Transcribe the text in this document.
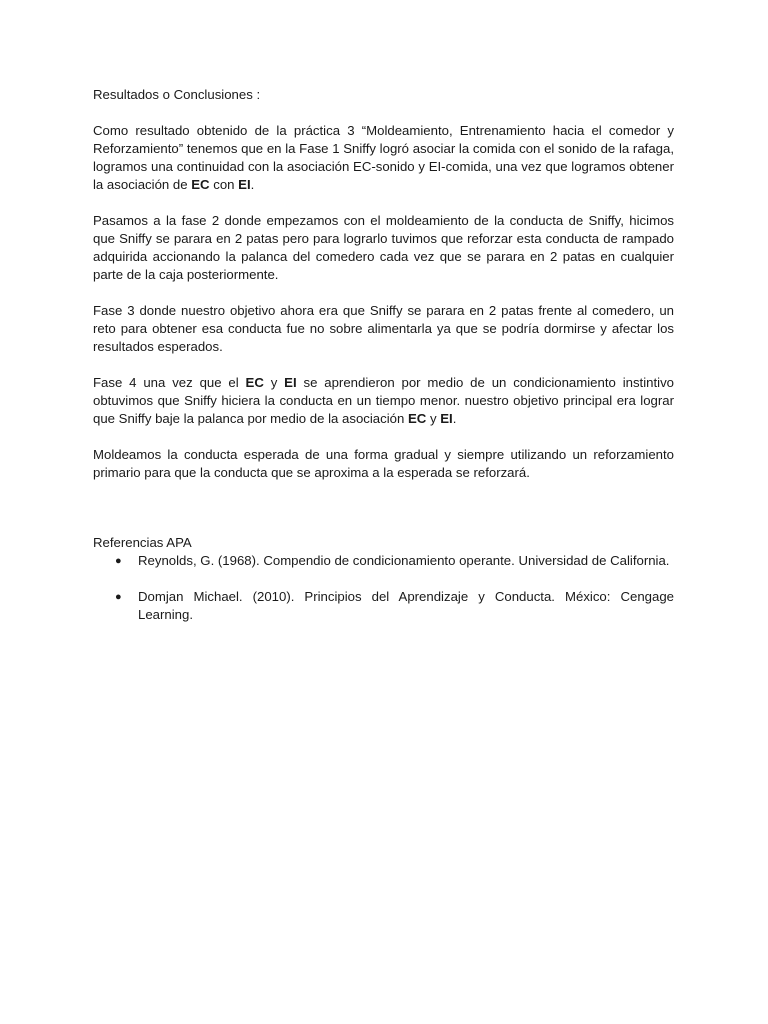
Resultados o Conclusiones :

Como resultado obtenido de la práctica 3 “Moldeamiento, Entrenamiento hacia el comedor y Reforzamiento” tenemos que en la Fase 1 Sniffy logró asociar la comida con el sonido de la rafaga, logramos una continuidad con la asociación EC-sonido y EI-comida, una vez que logramos obtener la asociación de EC con EI.

Pasamos a la fase 2 donde empezamos con el moldeamiento de la conducta de Sniffy, hicimos que Sniffy se parara en 2 patas pero para lograrlo tuvimos que reforzar esta conducta de rampado adquirida accionando la palanca del comedero cada vez que se parara en 2 patas en cualquier parte de la caja posteriormente.

Fase 3 donde nuestro objetivo ahora era que Sniffy se parara en 2 patas frente al comedero, un reto para obtener esa conducta fue no sobre alimentarla ya que se podría dormirse y afectar los resultados esperados.

Fase 4 una vez que el EC y EI se aprendieron por medio de un condicionamiento instintivo obtuvimos que Sniffy hiciera la conducta en un tiempo menor. nuestro objetivo principal era lograr que Sniffy baje la palanca por medio de la asociación EC y EI.

Moldeamos la conducta esperada de una forma gradual y siempre utilizando un reforzamiento primario para que la conducta que se aproxima a la esperada se reforzará.

Referencias APA

● Reynolds, G. (1968). Compendio de condicionamiento operante. Universidad de California.
● Domjan Michael. (2010). Principios del Aprendizaje y Conducta. México: Cengage Learning.
